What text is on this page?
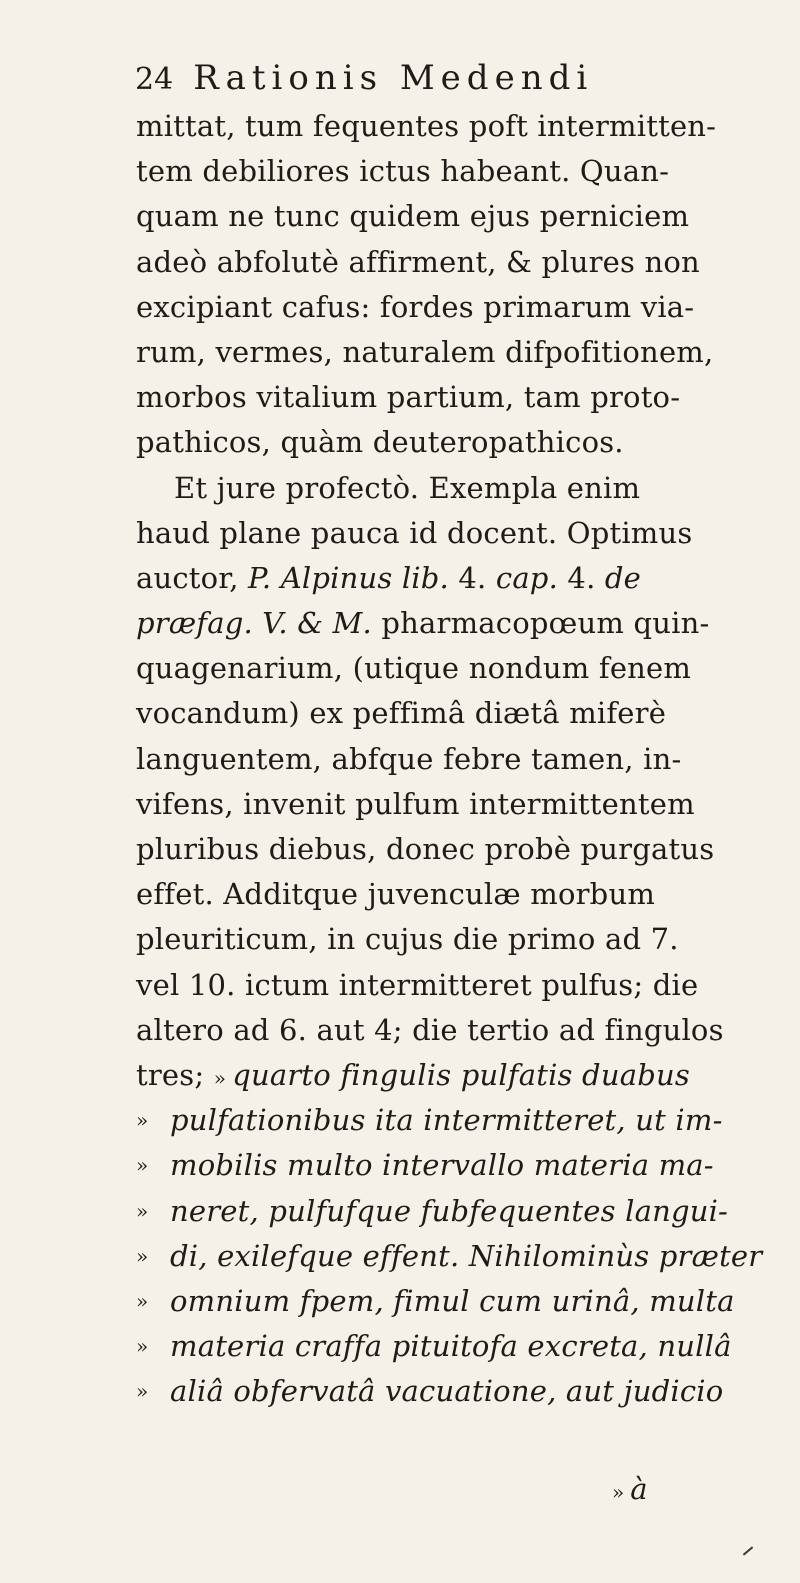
24 Rationis Medendi
mittat, tum fequentes poft intermitten-
tem debiliores ictus habeant. Quan-
quam ne tunc quidem ejus perniciem
adeò abfolutè affirment, & plures non
excipiant cafus: fordes primarum via-
rum, vermes, naturalem difpofitionem,
morbos vitalium partium, tam proto-
pathicos, quàm deuteropathicos.
Et jure profectò. Exempla enim
haud plane pauca id docent. Optimus
auctor, P. Alpinus lib. 4. cap. 4. de
præfag. V. & M. pharmacopœum quin-
quagenarium, (utique nondum fenem
vocandum) ex peffimâ diætâ miferè
languentem, abfque febre tamen, in-
vifens, invenit pulfum intermittentem
pluribus diebus, donec probè purgatus
effet. Additque juvenculæ morbum
pleuriticum, in cujus die primo ad 7.
vel 10. ictum intermitteret pulfus; die
altero ad 6. aut 4; die tertio ad fingulos
tres; » quarto fingulis pulfatis duabus
» pulfationibus ita intermitteret, ut im-
» mobilis multo intervallo materia ma-
» neret, pulfufque fubfequentes langui-
» di, exilefque effent. Nihilominùs præter
» omnium fpem, fimul cum urinâ, multa
» materia craffa pituitofa excreta, nullâ
» aliâ obfervatâ vacuatione, aut judicio
» à
